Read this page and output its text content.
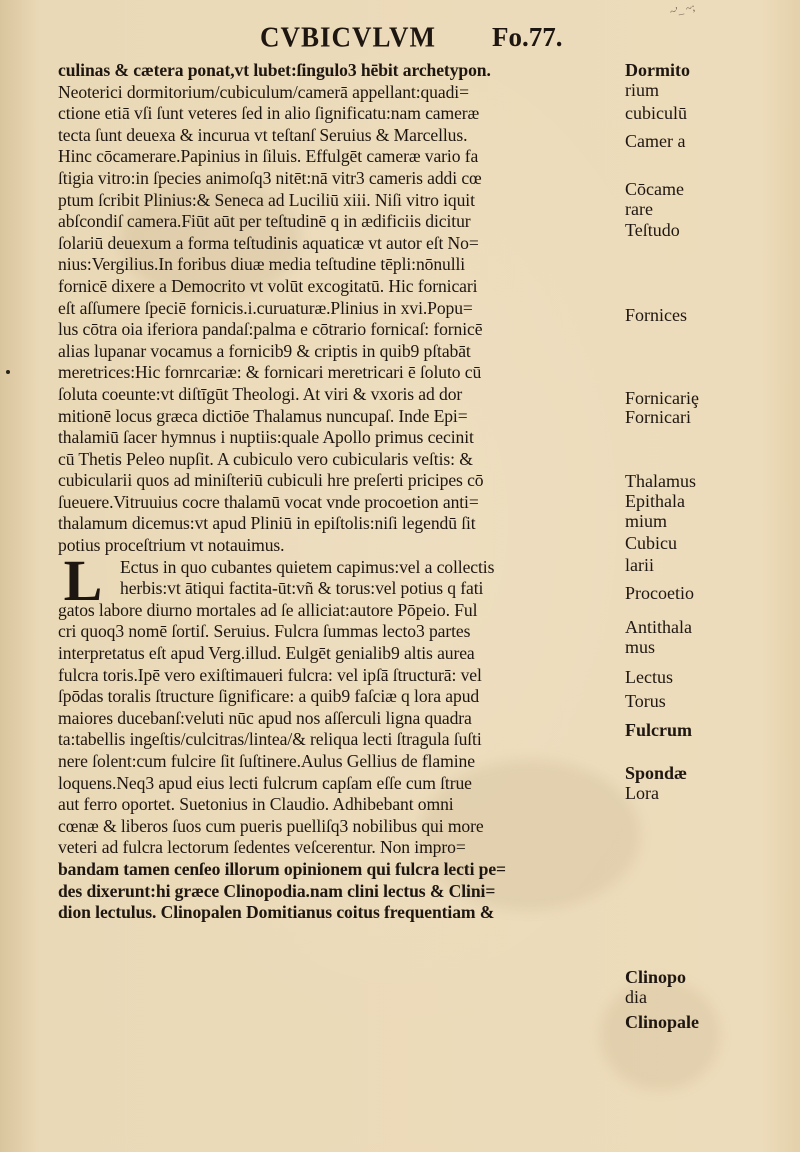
CVBICVLVM Fo.77.
~'_ ~;
culinas & cætera ponat,vt lubet:ſingulo3 hēbit archetypon.
Neoterici dormitorium/cubiculum/camerā appellant:quadi=
ctione etiā vſi ſunt veteres ſed in alio ſignificatu:nam cameræ
tecta ſunt deuexa & incurua vt teſtanſ Seruius & Marcellus.
Hinc cōcamerare.Papinius in ſiluis. Effulgēt cameræ vario fa
ſtigia vitro:in ſpecies animoſq3 nitēt:nā vitr3 cameris addi cœ
ptum ſcribit Plinius:& Seneca ad Luciliū xiii. Niſi vitro iquit
abſcondiſ camera.Fiūt aūt per teſtudinē q in ædificiis dicitur
ſolariū deuexum a forma teſtudinis aquaticæ vt autor eſt No=
nius:Vergilius.In foribus diuæ media teſtudine tēpli:nōnulli
fornicē dixere a Democrito vt volūt excogitatū. Hic fornicari
eſt aſſumere ſpeciē fornicis.i.curuaturæ.Plinius in xvi.Popu=
lus cōtra oia iferiora pandaſ:palma e cōtrario fornicaſ: fornicē
alias lupanar vocamus a fornicib9 & criptis in quib9 pſtabāt
meretrices:Hic fornrcariæ: & fornicari meretricari ē ſoluto cū
ſoluta coeunte:vt diſtīgūt Theologi. At viri & vxoris ad dor
mitionē locus græca dictiōe Thalamus nuncupaſ. Inde Epi=
thalamiū ſacer hymnus i nuptiis:quale Apollo primus cecinit
cū Thetis Peleo nupſit. A cubiculo vero cubicularis veſtis: &
cubicularii quos ad miniſteriū cubiculi hre preſerti pricipes cō
ſueuere.Vitruuius cocre thalamū vocat vnde procoetion anti=
thalamum dicemus:vt apud Pliniū in epiſtolis:niſi legendū ſit
potius proceſtrium vt notauimus.
L	Ectus in quo cubantes quietem capimus:vel a collectis
herbis:vt ātiqui factita-ūt:vñ & torus:vel potius q fati
gatos labore diurno mortales ad ſe alliciat:autore Pōpeio. Ful
cri quoq3 nomē ſortiſ. Seruius. Fulcra ſummas lecto3 partes
interpretatus eſt apud Verg.illud. Eulgēt genialib9 altis aurea
fulcra toris.Ipē vero exiſtimaueri fulcra: vel ipſā ſtructurā: vel
ſpōdas toralis ſtructure ſignificare: a quib9 faſciæ q lora apud
maiores ducebanſ:veluti nūc apud nos aſſerculi ligna quadra
ta:tabellis ingeſtis/culcitras/lintea/& reliqua lecti ſtragula ſuſti
nere ſolent:cum fulcire ſit ſuſtinere.Aulus Gellius de flamine
loquens.Neq3 apud eius lecti fulcrum capſam eſſe cum ſtrue
aut ferro oportet. Suetonius in Claudio. Adhibebant omni
cœnæ & liberos ſuos cum pueris puelliſq3 nobilibus qui more
veteri ad fulcra lectorum ſedentes veſcerentur. Non impro=
bandam tamen cenſeo illorum opinionem qui fulcra lecti pe=
des dixerunt:hi græce Clinopodia.nam clini lectus & Clini=
dion lectulus. Clinopalen Domitianus coitus frequentiam &
Dormito
rium
cubiculū
Camer a
Cōcame
rare
Teſtudo
Fornices
Fornicariȩ
Fornicari
Thalamus
Epithala
mium
Cubicu
larii
Procoetio
Antithala
mus
Lectus
Torus
Fulcrum
Spondæ
Lora
Clinopo
dia
Clinopale
